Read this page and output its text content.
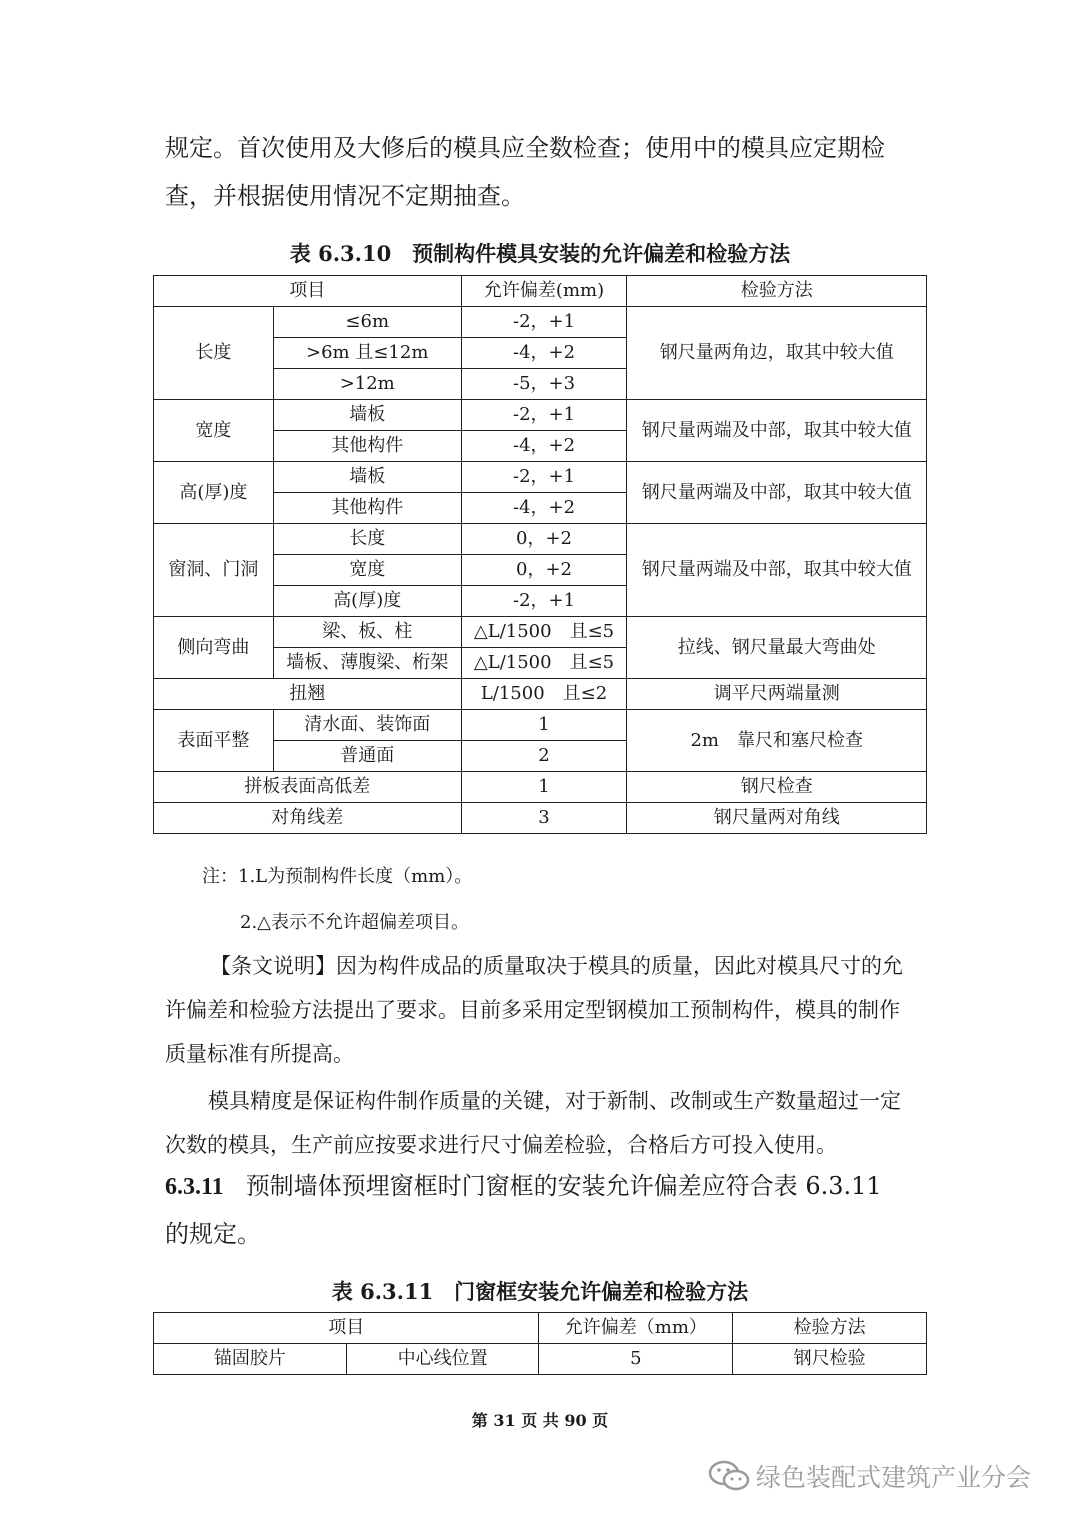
规定。首次使用及大修后的模具应全数检查；使用中的模具应定期检

查，并根据使用情况不定期抽查。

表 6.3.10　预制构件模具安装的允许偏差和检验方法
项目		允许偏差(mm)	检验方法
长度	≤6m	-2，+1	钢尺量两角边，取其中较大值
	>6m 且≤12m	-4，+2	
	>12m	-5，+3	
宽度	墙板	-2，+1	钢尺量两端及中部，取其中较大值
	其他构件	-4，+2	
高(厚)度	墙板	-2，+1	钢尺量两端及中部，取其中较大值
	其他构件	-4，+2	
窗洞、门洞	长度	0，+2	钢尺量两端及中部，取其中较大值
	宽度	0，+2	
	高(厚)度	-2，+1	
侧向弯曲	梁、板、柱	△L/1500　且≤5	拉线、钢尺量最大弯曲处
	墙板、薄腹梁、桁架	△L/1500　且≤5	
扭翘		L/1500　且≤2	调平尺两端量测
表面平整	清水面、装饰面	1	2m　靠尺和塞尺检查
	普通面	2	
拼板表面高低差		1	钢尺检查
对角线差		3	钢尺量两对角线
注：1.L为预制构件长度（mm）。
2.△表示不允许超偏差项目。

【条文说明】因为构件成品的质量取决于模具的质量，因此对模具尺寸的允

许偏差和检验方法提出了要求。目前多采用定型钢模加工预制构件，模具的制作

质量标准有所提高。

模具精度是保证构件制作质量的关键，对于新制、改制或生产数量超过一定

次数的模具，生产前应按要求进行尺寸偏差检验，合格后方可投入使用。

6.3.11 预制墙体预埋窗框时门窗框的安装允许偏差应符合表 6.3.11
的规定。
表 6.3.11　门窗框安装允许偏差和检验方法
项目		允许偏差（mm）	检验方法
锚固胶片	中心线位置	5	钢尺检验
第 31 页 共 90 页
绿色装配式建筑产业分会
